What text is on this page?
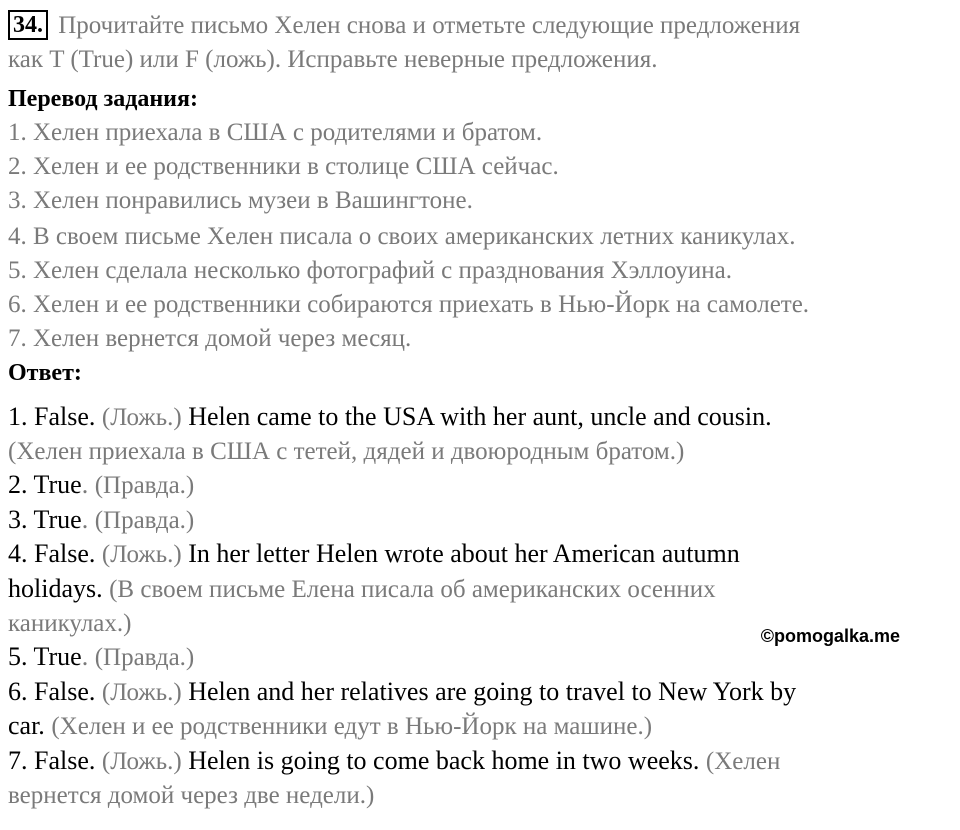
34. Прочитайте письмо Хелен снова и отметьте следующие предложения
как T (True) или F (ложь). Исправьте неверные предложения.
Перевод задания:
1. Хелен приехала в США с родителями и братом.
2. Хелен и ее родственники в столице США сейчас.
3. Хелен понравились музеи в Вашингтоне.
4. В своем письме Хелен писала о своих американских летних каникулах.
5. Хелен сделала несколько фотографий с празднования Хэллоуина.
6. Хелен и ее родственники собираются приехать в Нью-Йорк на самолете.
7. Хелен вернется домой через месяц.
Ответ:
1. False. (Ложь.) Helen came to the USA with her aunt, uncle and cousin.
(Хелен приехала в США с тетей, дядей и двоюродным братом.)
2. True. (Правда.)
3. True. (Правда.)
4. False. (Ложь.) In her letter Helen wrote about her American autumn
holidays. (В своем письме Елена писала об американских осенних
каникулах.)
5. True. (Правда.)
6. False. (Ложь.) Helen and her relatives are going to travel to New York by
car. (Хелен и ее родственники едут в Нью-Йорк на машине.)
7. False. (Ложь.) Helen is going to come back home in two weeks. (Хелен
вернется домой через две недели.)
©pomogalka.me
